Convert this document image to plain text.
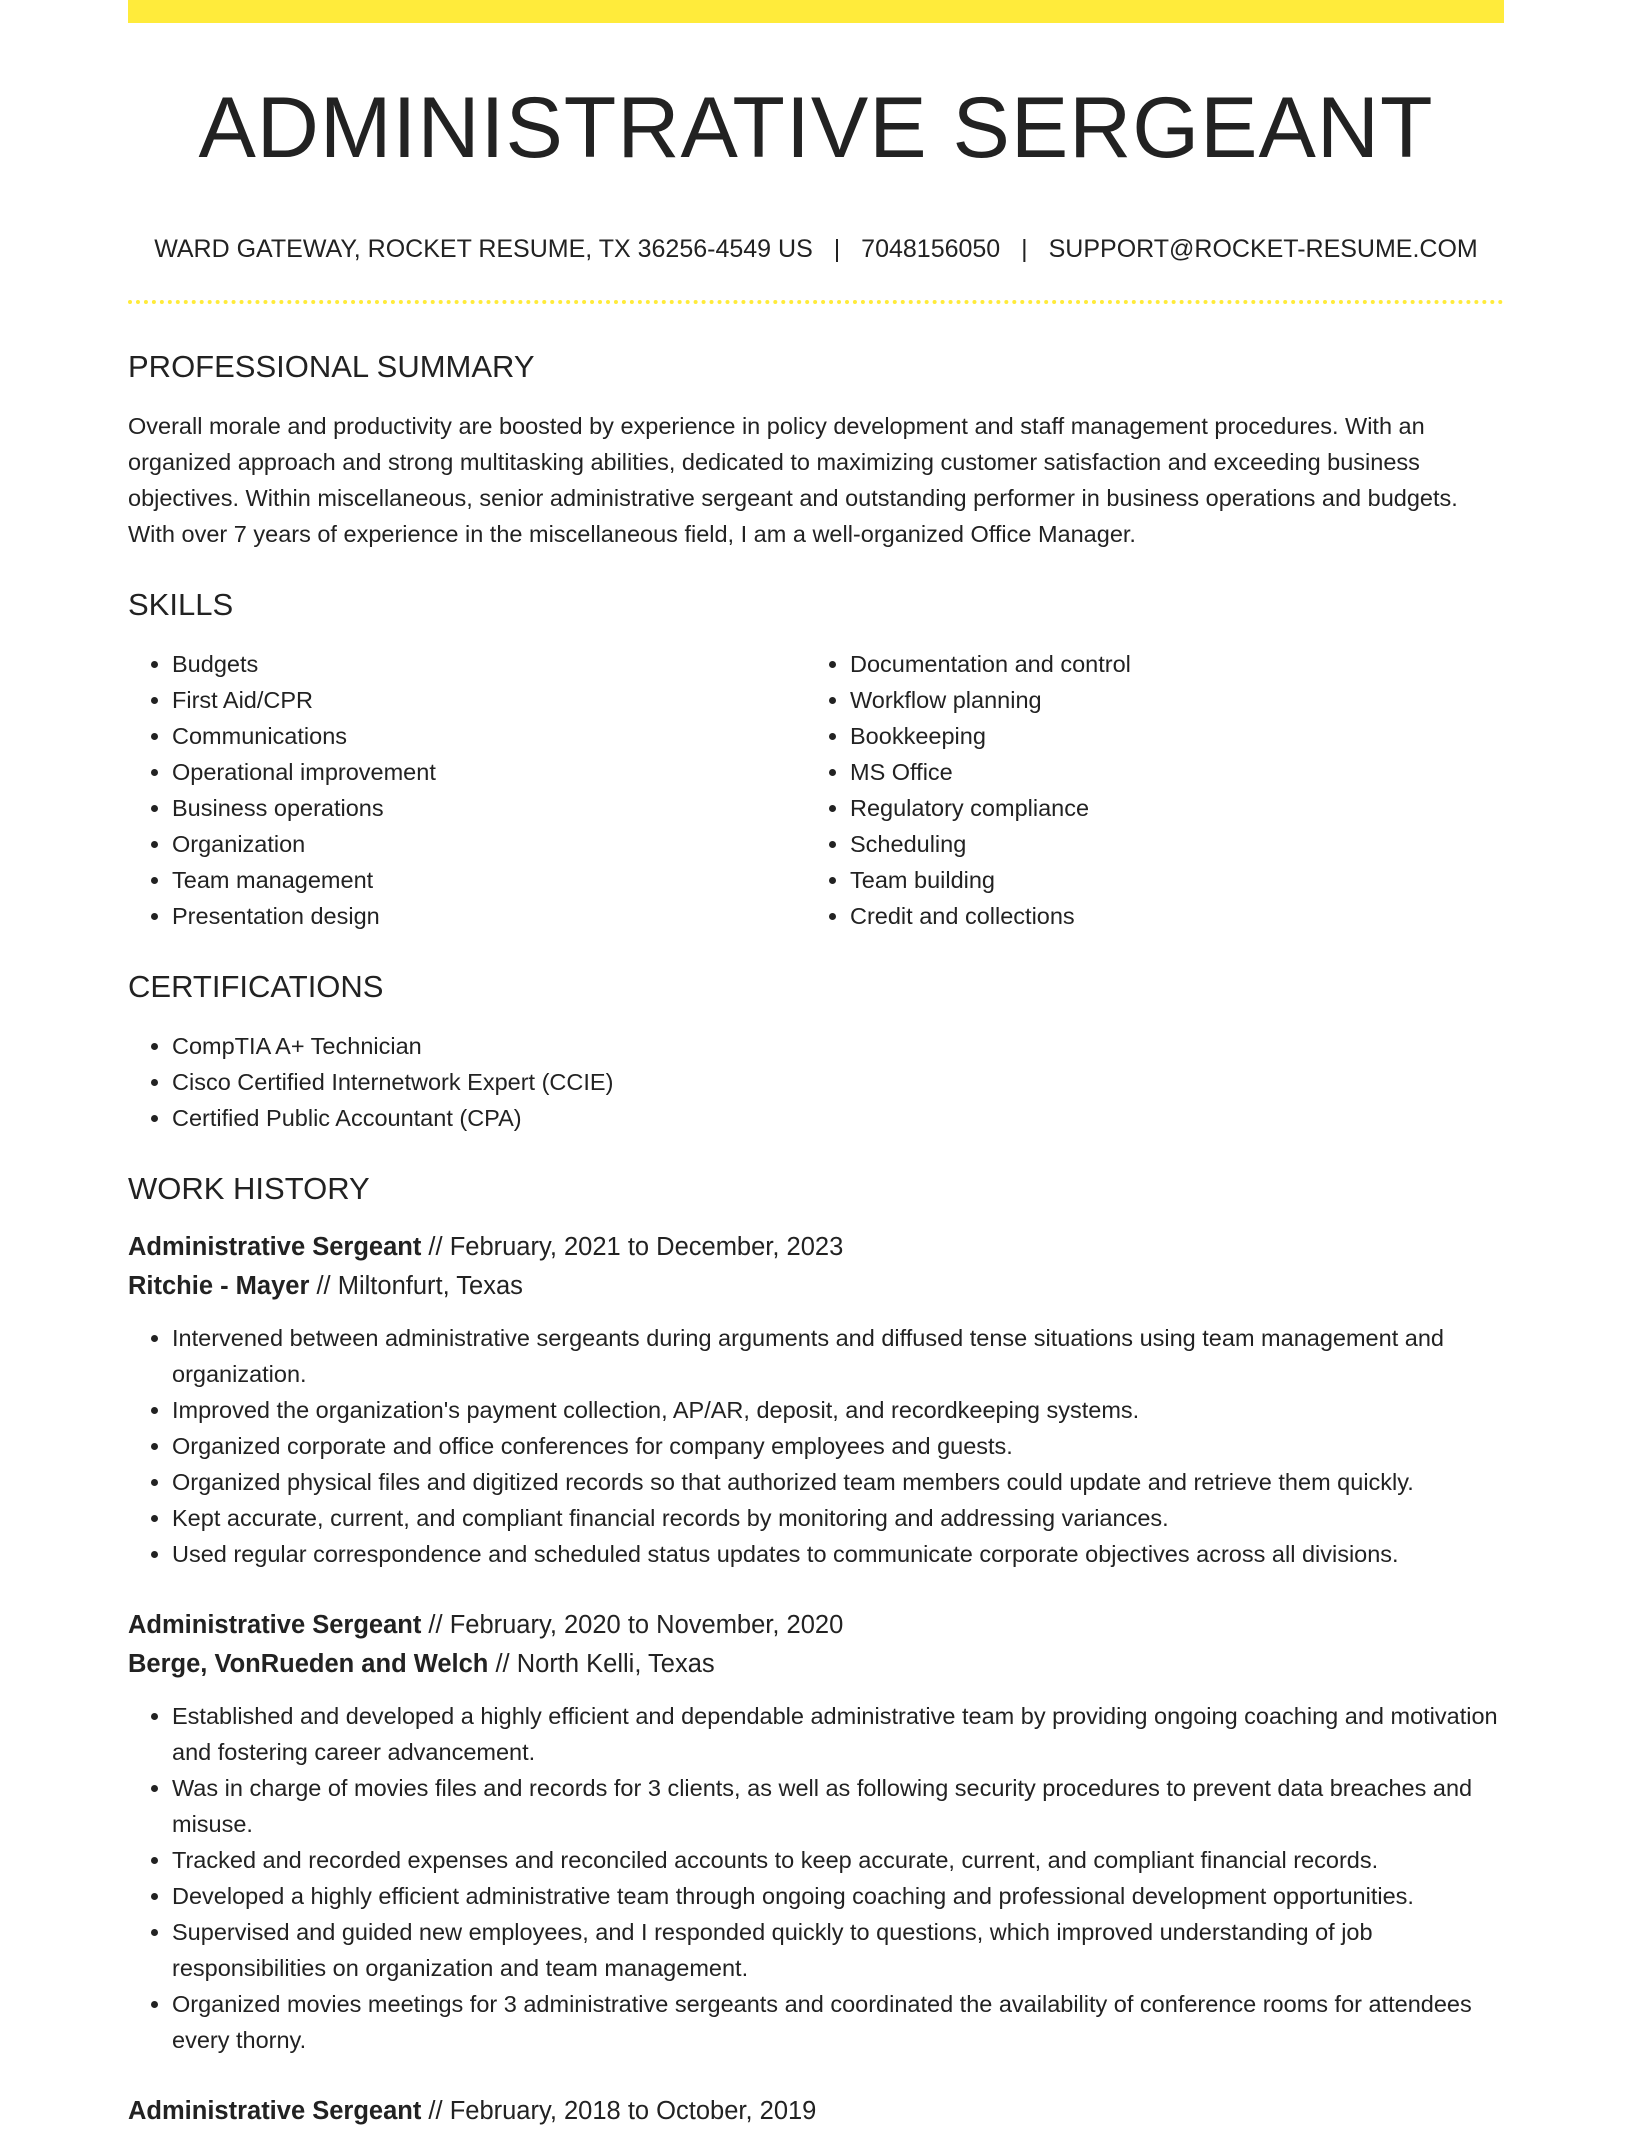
ADMINISTRATIVE SERGEANT
WARD GATEWAY, ROCKET RESUME, TX 36256-4549 US | 7048156050 | SUPPORT@ROCKET-RESUME.COM
PROFESSIONAL SUMMARY

Overall morale and productivity are boosted by experience in policy development and staff management procedures. With an organized approach and strong multitasking abilities, dedicated to maximizing customer satisfaction and exceeding business objectives. Within miscellaneous, senior administrative sergeant and outstanding performer in business operations and budgets. With over 7 years of experience in the miscellaneous field, I am a well-organized Office Manager.

SKILLS
• Budgets
• First Aid/CPR
• Communications
• Operational improvement
• Business operations
• Organization
• Team management
• Presentation design
• Documentation and control
• Workflow planning
• Bookkeeping
• MS Office
• Regulatory compliance
• Scheduling
• Team building
• Credit and collections
CERTIFICATIONS
• CompTIA A+ Technician
• Cisco Certified Internetwork Expert (CCIE)
• Certified Public Accountant (CPA)
WORK HISTORY
Administrative Sergeant // February, 2021 to December, 2023
Ritchie - Mayer // Miltonfurt, Texas
• Intervened between administrative sergeants during arguments and diffused tense situations using team management and organization.
• Improved the organization's payment collection, AP/AR, deposit, and recordkeeping systems.
• Organized corporate and office conferences for company employees and guests.
• Organized physical files and digitized records so that authorized team members could update and retrieve them quickly.
• Kept accurate, current, and compliant financial records by monitoring and addressing variances.
• Used regular correspondence and scheduled status updates to communicate corporate objectives across all divisions.
Administrative Sergeant // February, 2020 to November, 2020
Berge, VonRueden and Welch // North Kelli, Texas
• Established and developed a highly efficient and dependable administrative team by providing ongoing coaching and motivation and fostering career advancement.
• Was in charge of movies files and records for 3 clients, as well as following security procedures to prevent data breaches and misuse.
• Tracked and recorded expenses and reconciled accounts to keep accurate, current, and compliant financial records.
• Developed a highly efficient administrative team through ongoing coaching and professional development opportunities.
• Supervised and guided new employees, and I responded quickly to questions, which improved understanding of job responsibilities on organization and team management.
• Organized movies meetings for 3 administrative sergeants and coordinated the availability of conference rooms for attendees every thorny.
Administrative Sergeant // February, 2018 to October, 2019
